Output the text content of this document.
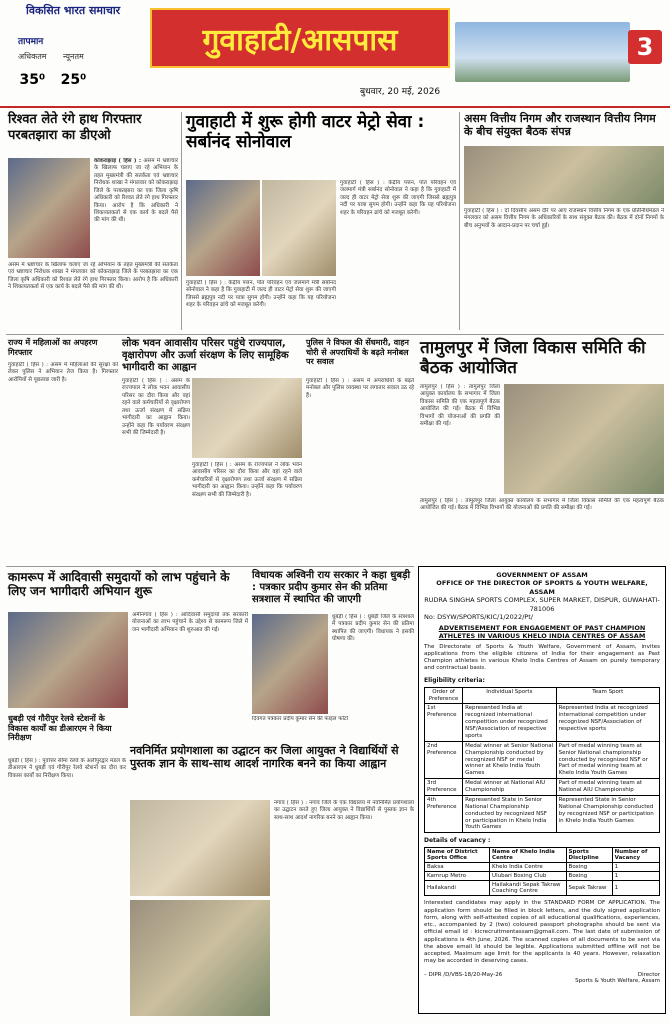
विकसित भारत समाचार
तापमान
अधिकतम
35⁰
न्यूनतम
25⁰
गुवाहाटी/आसपास	3
बुधवार, 20 मई, 2026
रिश्वत लेते रंगे हाथ गिरफ्तार परबतझारा का डीएओ
कोकराझाड़ ( हिंस ) : असम में भ्रष्टाचार के खिलाफ चलाए जा रहे अभियान के तहत मुख्यमंत्री की सतर्कता एवं भ्रष्टाचार निरोधक शाखा ने मंगलवार को कोकराझाड़ जिले के परबतझारा का एक जिला कृषि अधिकारी को रिश्वत लेते रंगे हाथ गिरफ्तार किया। आरोप है कि अधिकारी ने शिकायतकर्ता से एक कार्य के बदले पैसे की मांग की थी।
असम में भ्रष्टाचार के खिलाफ चलाए जा रहे अभियान के तहत मुख्यमंत्री की सतर्कता एवं भ्रष्टाचार निरोधक शाखा ने मंगलवार को कोकराझाड़ जिले के परबतझारा का एक जिला कृषि अधिकारी को रिश्वत लेते रंगे हाथ गिरफ्तार किया। आरोप है कि अधिकारी ने शिकायतकर्ता से एक कार्य के बदले पैसे की मांग की थी।
गुवाहाटी में शुरू होगी वाटर मेट्रो सेवा : सर्बानंद सोनोवाल
गुवाहाटी ( हिंस ) : केंद्रीय पत्तन, पोत परिवहन एवं जलमार्ग मंत्री सर्बानंद सोनोवाल ने कहा है कि गुवाहाटी में जल्द ही वाटर मेट्रो सेवा शुरू की जाएगी जिससे ब्रह्मपुत्र नदी पर यात्रा सुगम होगी। उन्होंने कहा कि यह परियोजना शहर के परिवहन ढांचे को मजबूत करेगी।
गुवाहाटी ( हिंस ) : केंद्रीय पत्तन, पोत परिवहन एवं जलमार्ग मंत्री सर्बानंद सोनोवाल ने कहा है कि गुवाहाटी में जल्द ही वाटर मेट्रो सेवा शुरू की जाएगी जिससे ब्रह्मपुत्र नदी पर यात्रा सुगम होगी। उन्होंने कहा कि यह परियोजना शहर के परिवहन ढांचे को मजबूत करेगी।
असम वित्तीय निगम और राजस्थान वित्तीय निगम के बीच संयुक्त बैठक संपन्न
गुवाहाटी ( हिंस ) : दो दिवसीय असम दौरे पर आए राजस्थान वित्तीय निगम के एक प्रतिनिधिमंडल ने मंगलवार को असम वित्तीय निगम के अधिकारियों के साथ संयुक्त बैठक की। बैठक में दोनों निगमों के बीच अनुभवों के आदान-प्रदान पर चर्चा हुई।
राज्य में महिलाओं का अपहरण गिरफ्तार
गुवाहाटी ( हिंस ) : असम में महिलाओं की सुरक्षा को लेकर पुलिस ने अभियान तेज किया है। गिरफ्तार आरोपियों से पूछताछ जारी है।
लोक भवन आवासीय परिसर पहुंचे राज्यपाल, वृक्षारोपण और ऊर्जा संरक्षण के लिए सामूहिक भागीदारी का आह्वान
गुवाहाटी ( हिंस ) : असम के राज्यपाल ने लोक भवन आवासीय परिसर का दौरा किया और वहां रहने वाले कर्मचारियों से वृक्षारोपण तथा ऊर्जा संरक्षण में सक्रिय भागीदारी का आह्वान किया। उन्होंने कहा कि पर्यावरण संरक्षण सभी की जिम्मेदारी है।
गुवाहाटी ( हिंस ) : असम के राज्यपाल ने लोक भवन आवासीय परिसर का दौरा किया और वहां रहने वाले कर्मचारियों से वृक्षारोपण तथा ऊर्जा संरक्षण में सक्रिय भागीदारी का आह्वान किया। उन्होंने कहा कि पर्यावरण संरक्षण सभी की जिम्मेदारी है।
पुलिस ने विफल की सेंधमारी, वाहन चोरी से अपराधियों के बढ़ते मनोबल पर सवाल
गुवाहाटी ( हिंस ) : असम में अपराधियों के बढ़ते मनोबल और पुलिस व्यवस्था पर लगातार सवाल उठ रहे हैं।
तामुलपुर में जिला विकास समिति की बैठक आयोजित
तामुलपुर ( हिंस ) : तामुलपुर जिला आयुक्त कार्यालय के सभागार में जिला विकास समिति की एक महत्वपूर्ण बैठक आयोजित की गई। बैठक में विभिन्न विभागों की योजनाओं की प्रगति की समीक्षा की गई।
तामुलपुर ( हिंस ) : तामुलपुर जिला आयुक्त कार्यालय के सभागार में जिला विकास समिति की एक महत्वपूर्ण बैठक आयोजित की गई। बैठक में विभिन्न विभागों की योजनाओं की प्रगति की समीक्षा की गई।
कामरूप में आदिवासी समुदायों को लाभ पहुंचाने के लिए जन भागीदारी अभियान शुरू
अमीनगांव ( हिंस ) : आदिवासी समुदायों तक सरकारी योजनाओं का लाभ पहुंचाने के उद्देश्य से कामरूप जिले में जन भागीदारी अभियान की शुरुआत की गई।
विधायक अश्विनी राय सरकार ने कहा धुबड़ी : पत्रकार प्रदीप कुमार सेन की प्रतिमा सत्रशाल में स्थापित की जाएगी
धुबड़ी ( हिंस ) : धुबड़ी जिले के सत्रशाल में पत्रकार प्रदीप कुमार सेन की प्रतिमा स्थापित की जाएगी। विधायक ने इसकी घोषणा की।
दिवंगत पत्रकार प्रदीप कुमार सेन की फाइल फोटो
धुबड़ी एवं गौरीपुर रेलवे स्टेशनों के विकास कार्यों का डीआरएम ने किया निरीक्षण
धुबड़ी ( हिंस ) : पूर्वोत्तर सीमा रेलवे के अलीपुरद्वार मंडल के डीआरएम ने धुबड़ी एवं गौरीपुर रेलवे स्टेशनों का दौरा कर विकास कार्यों का निरीक्षण किया।
नवनिर्मित प्रयोगशाला का उद्घाटन कर जिला आयुक्त ने विद्यार्थियों से पुस्तक ज्ञान के साथ-साथ आदर्श नागरिक बनने का किया आह्वान
नगांव ( हिंस ) : नगांव जिले के एक विद्यालय में नवनिर्मित प्रयोगशाला का उद्घाटन करते हुए जिला आयुक्त ने विद्यार्थियों से पुस्तक ज्ञान के साथ-साथ आदर्श नागरिक बनने का आह्वान किया।
GOVERNMENT OF ASSAM
OFFICE OF THE DIRECTOR OF SPORTS & YOUTH WELFARE, ASSAM
RUDRA SINGHA SPORTS COMPLEX, SUPER MARKET, DISPUR, GUWAHATI- 781006
No: DSYW/SPORTS/KIC/1/2022/Pt/
ADVERTISEMENT FOR ENGAGEMENT OF PAST CHAMPION ATHLETES IN VARIOUS KHELO INDIA CENTRES OF ASSAM
The Directorate of Sports & Youth Welfare, Government of Assam, invites applications from the eligible citizens of India for their engagement as Past Champion athletes in various Khelo India Centres of Assam on purely temporary and contractual basis.
Eligibility criteria:
Order of Preference	Individual Sports	Team Sport
1st Preference	Represented India at recognized international competition under recognized NSF/Association of respective sports	Represented India at recognized international competition under recognized NSF/Association of respective sports
2nd Preference	Medal winner at Senior National Championship conducted by recognized NSF or medal winner at Khelo India Youth Games	Part of medal winning team at Senior National championship conducted by recognized NSF or Part of medal winning team at Khelo India Youth Games
3rd Preference	Medal winner at National AIU Championship	Part of medal winning team at National AIU Championship
4th Preference	Represented State in Senior National Championship conducted by recognized NSF or participation in Khelo India Youth Games	Represented State in Senior National Championship conducted by recognized NSF or participation in Khelo India Youth Games
Details of vacancy :
Name of District Sports Office	Name of Khelo India Centre	Sports Discipline	Number of Vacancy
Baksa	Khelo India Centre	Boxing	1
Kamrup Metro	Ulubari Boxing Club	Boxing	1
Hailakandi	Hailakandi Sepak Takraw Coaching Centre	Sepak Takraw	1
Interested candidates may apply in the STANDARD FORM OF APPLICATION. The application form should be filled in block letters, and the duly signed application form, along with self-attested copies of all educational qualifications, experiences, etc., accompanied by 2 (two) coloured passport photographs should be sent via official email id : kicrecruitmentassam@gmail.com. The last date of submission of applications is 4th June, 2026. The scanned copies of all documents to be sent via the above email Id should be legible. Applications submitted offline will not be accepted. Maximum age limit for the applicants is 40 years. However, relaxation may be accorded in deserving cases.
– DIPR /D/VBS-18/20-May-26	Director
Sports & Youth Welfare, Assam
